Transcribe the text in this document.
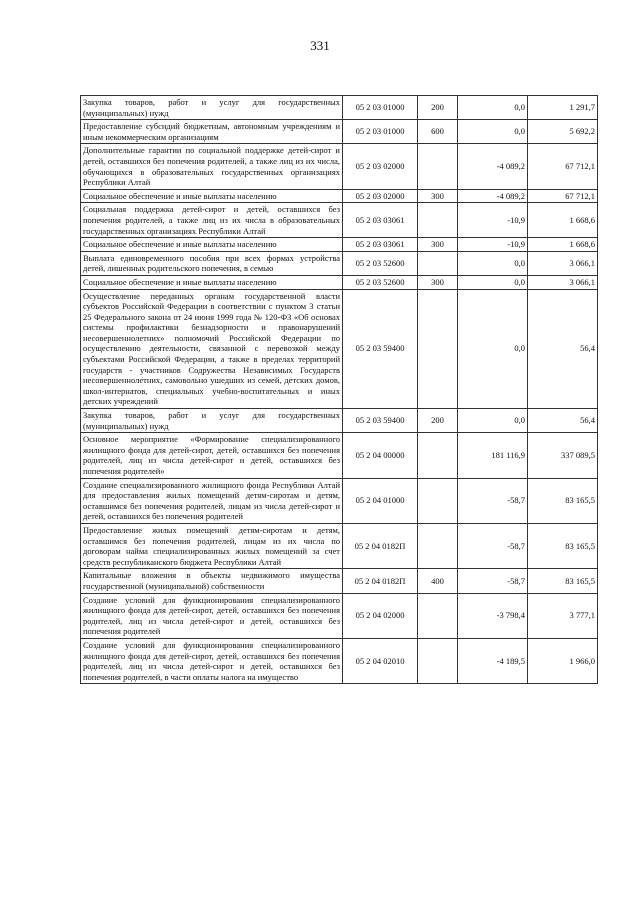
331
Закупка товаров, работ и услуг для государственных (муниципальных) нужд	05 2 03 01000	200	0,0	1 291,7
Предоставление субсидий бюджетным, автономным учреждениям и иным некоммерческим организациям	05 2 03 01000	600	0,0	5 692,2
Дополнительные гарантии по социальной поддержке детей-сирот и детей, оставшихся без попечения родителей, а также лиц из их числа, обучающихся в образовательных государственных организациях Республики Алтай	05 2 03 02000		-4 089,2	67 712,1
Социальное обеспечение и иные выплаты населению	05 2 03 02000	300	-4 089,2	67 712,1
Социальная поддержка детей-сирот и детей, оставшихся без попечения родителей, а также лиц из их числа в образовательных государственных организациях Республики Алтай	05 2 03 03061		-10,9	1 668,6
Социальное обеспечение и иные выплаты населению	05 2 03 03061	300	-10,9	1 668,6
Выплата единовременного пособия при всех формах устройства детей, лишенных родительского попечения, в семью	05 2 03 52600		0,0	3 066,1
Социальное обеспечение и иные выплаты населению	05 2 03 52600	300	0,0	3 066,1
Осуществление переданных органам государственной власти субъектов Российской Федерации в соответствии с пунктом 3 статьи 25 Федерального закона от 24 июня 1999 года № 120-ФЗ «Об основах системы профилактики безнадзорности и правонарушений несовершеннолетних» полномочий Российской Федерации по осуществлению деятельности, связанной с перевозкой между субъектами Российской Федерации, а также в пределах территорий государств - участников Содружества Независимых Государств несовершеннолетних, самовольно ушедших из семей, детских домов, школ-интернатов, специальных учебно-воспитательных и иных детских учреждений	05 2 03 59400		0,0	56,4
Закупка товаров, работ и услуг для государственных (муниципальных) нужд	05 2 03 59400	200	0,0	56,4
Основное мероприятие «Формирование специализированного жилищного фонда для детей-сирот, детей, оставшихся без попечения родителей, лиц из числа детей-сирот и детей, оставшихся без попечения родителей»	05 2 04 00000		181 116,9	337 089,5
Создание специализированного жилищного фонда Республики Алтай для предоставления жилых помещений детям-сиротам и детям, оставшимся без попечения родителей, лицам из числа детей-сирот и детей, оставшихся без попечения родителей	05 2 04 01000		-58,7	83 165,5
Предоставление жилых помещений детям-сиротам и детям, оставшимся без попечения родителей, лицам из их числа по договорам найма специализированных жилых помещений за счет средств республиканского бюджета Республики Алтай	05 2 04 0182П		-58,7	83 165,5
Капитальные вложения в объекты недвижимого имущества государственной (муниципальной) собственности	05 2 04 0182П	400	-58,7	83 165,5
Создание условий для функционирования специализированного жилищного фонда для детей-сирот, детей, оставшихся без попечения родителей, лиц из числа детей-сирот и детей, оставшихся без попечения родителей	05 2 04 02000		-3 798,4	3 777,1
Создание условий для функционирования специализированного жилищного фонда для детей-сирот, детей, оставшихся без попечения родителей, лиц из числа детей-сирот и детей, оставшихся без попечения родителей, в части оплаты налога на имущество	05 2 04 02010		-4 189,5	1 966,0
